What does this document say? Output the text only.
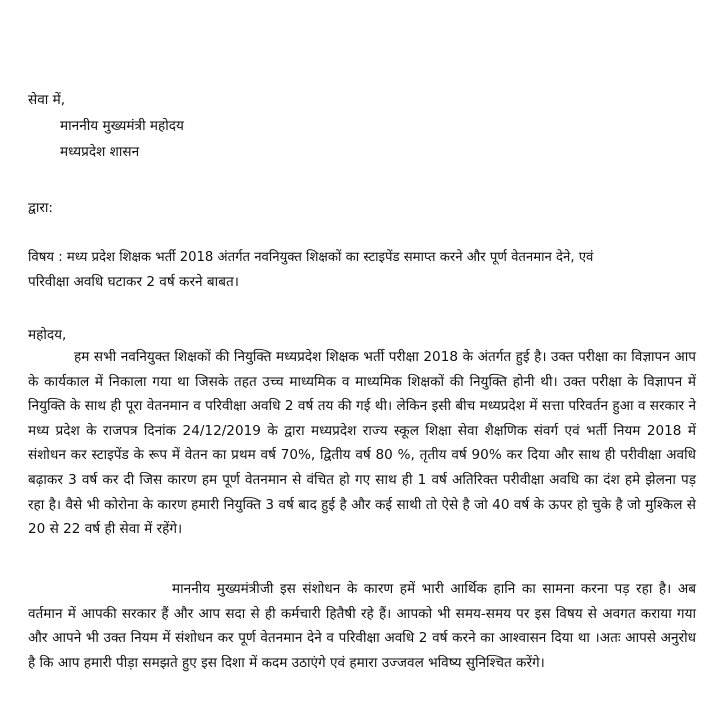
सेवा में,
माननीय मुख्यमंत्री महोदय
मध्यप्रदेश शासन
द्वारा:
विषय : मध्य प्रदेश शिक्षक भर्ती 2018 अंतर्गत नवनियुक्त शिक्षकों का स्टाइपेंड समाप्त करने और पूर्ण वेतनमान देने, एवं
परिवीक्षा अवधि घटाकर 2 वर्ष करने बाबत।
महोदय,

हम सभी नवनियुक्त शिक्षकों की नियुक्ति मध्यप्रदेश शिक्षक भर्ती परीक्षा 2018 के अंतर्गत हुई है। उक्त परीक्षा का विज्ञापन आप के कार्यकाल में निकाला गया था जिसके तहत उच्च माध्यमिक व माध्यमिक शिक्षकों की नियुक्ति होनी थी। उक्त परीक्षा के विज्ञापन में नियुक्ति के साथ ही पूरा वेतनमान व परिवीक्षा अवधि 2 वर्ष तय की गई थी। लेकिन इसी बीच मध्यप्रदेश में सत्ता परिवर्तन हुआ व सरकार ने मध्य प्रदेश के राजपत्र दिनांक 24/12/2019 के द्वारा मध्यप्रदेश राज्य स्कूल शिक्षा सेवा शैक्षणिक संवर्ग एवं भर्ती नियम 2018 में संशोधन कर स्टाइपेंड के रूप में वेतन का प्रथम वर्ष 70%, द्वितीय वर्ष 80 %, तृतीय वर्ष 90% कर दिया और साथ ही परीवीक्षा अवधि बढ़ाकर 3 वर्ष कर दी जिस कारण हम पूर्ण वेतनमान से वंचित हो गए साथ ही 1 वर्ष अतिरिक्त परीवीक्षा अवधि का दंश हमे झेलना पड़ रहा है। वैसे भी कोरोना के कारण हमारी नियुक्ति 3 वर्ष बाद हुई है और कई साथी तो ऐसे है जो 40 वर्ष के ऊपर हो चुके है जो मुश्किल से 20 से 22 वर्ष ही सेवा में रहेंगे।

माननीय मुख्यमंत्रीजी इस संशोधन के कारण हमें भारी आर्थिक हानि का सामना करना पड़ रहा है। अब वर्तमान में आपकी सरकार हैं और आप सदा से ही कर्मचारी हितैषी रहे हैं। आपको भी समय-समय पर इस विषय से अवगत कराया गया और आपने भी उक्त नियम में संशोधन कर पूर्ण वेतनमान देने व परिवीक्षा अवधि 2 वर्ष करने का आश्वासन दिया था ।अतः आपसे अनुरोध है कि आप हमारी पीड़ा समझते हुए इस दिशा में कदम उठाएंगे एवं हमारा उज्जवल भविष्य सुनिश्चित करेंगे।
